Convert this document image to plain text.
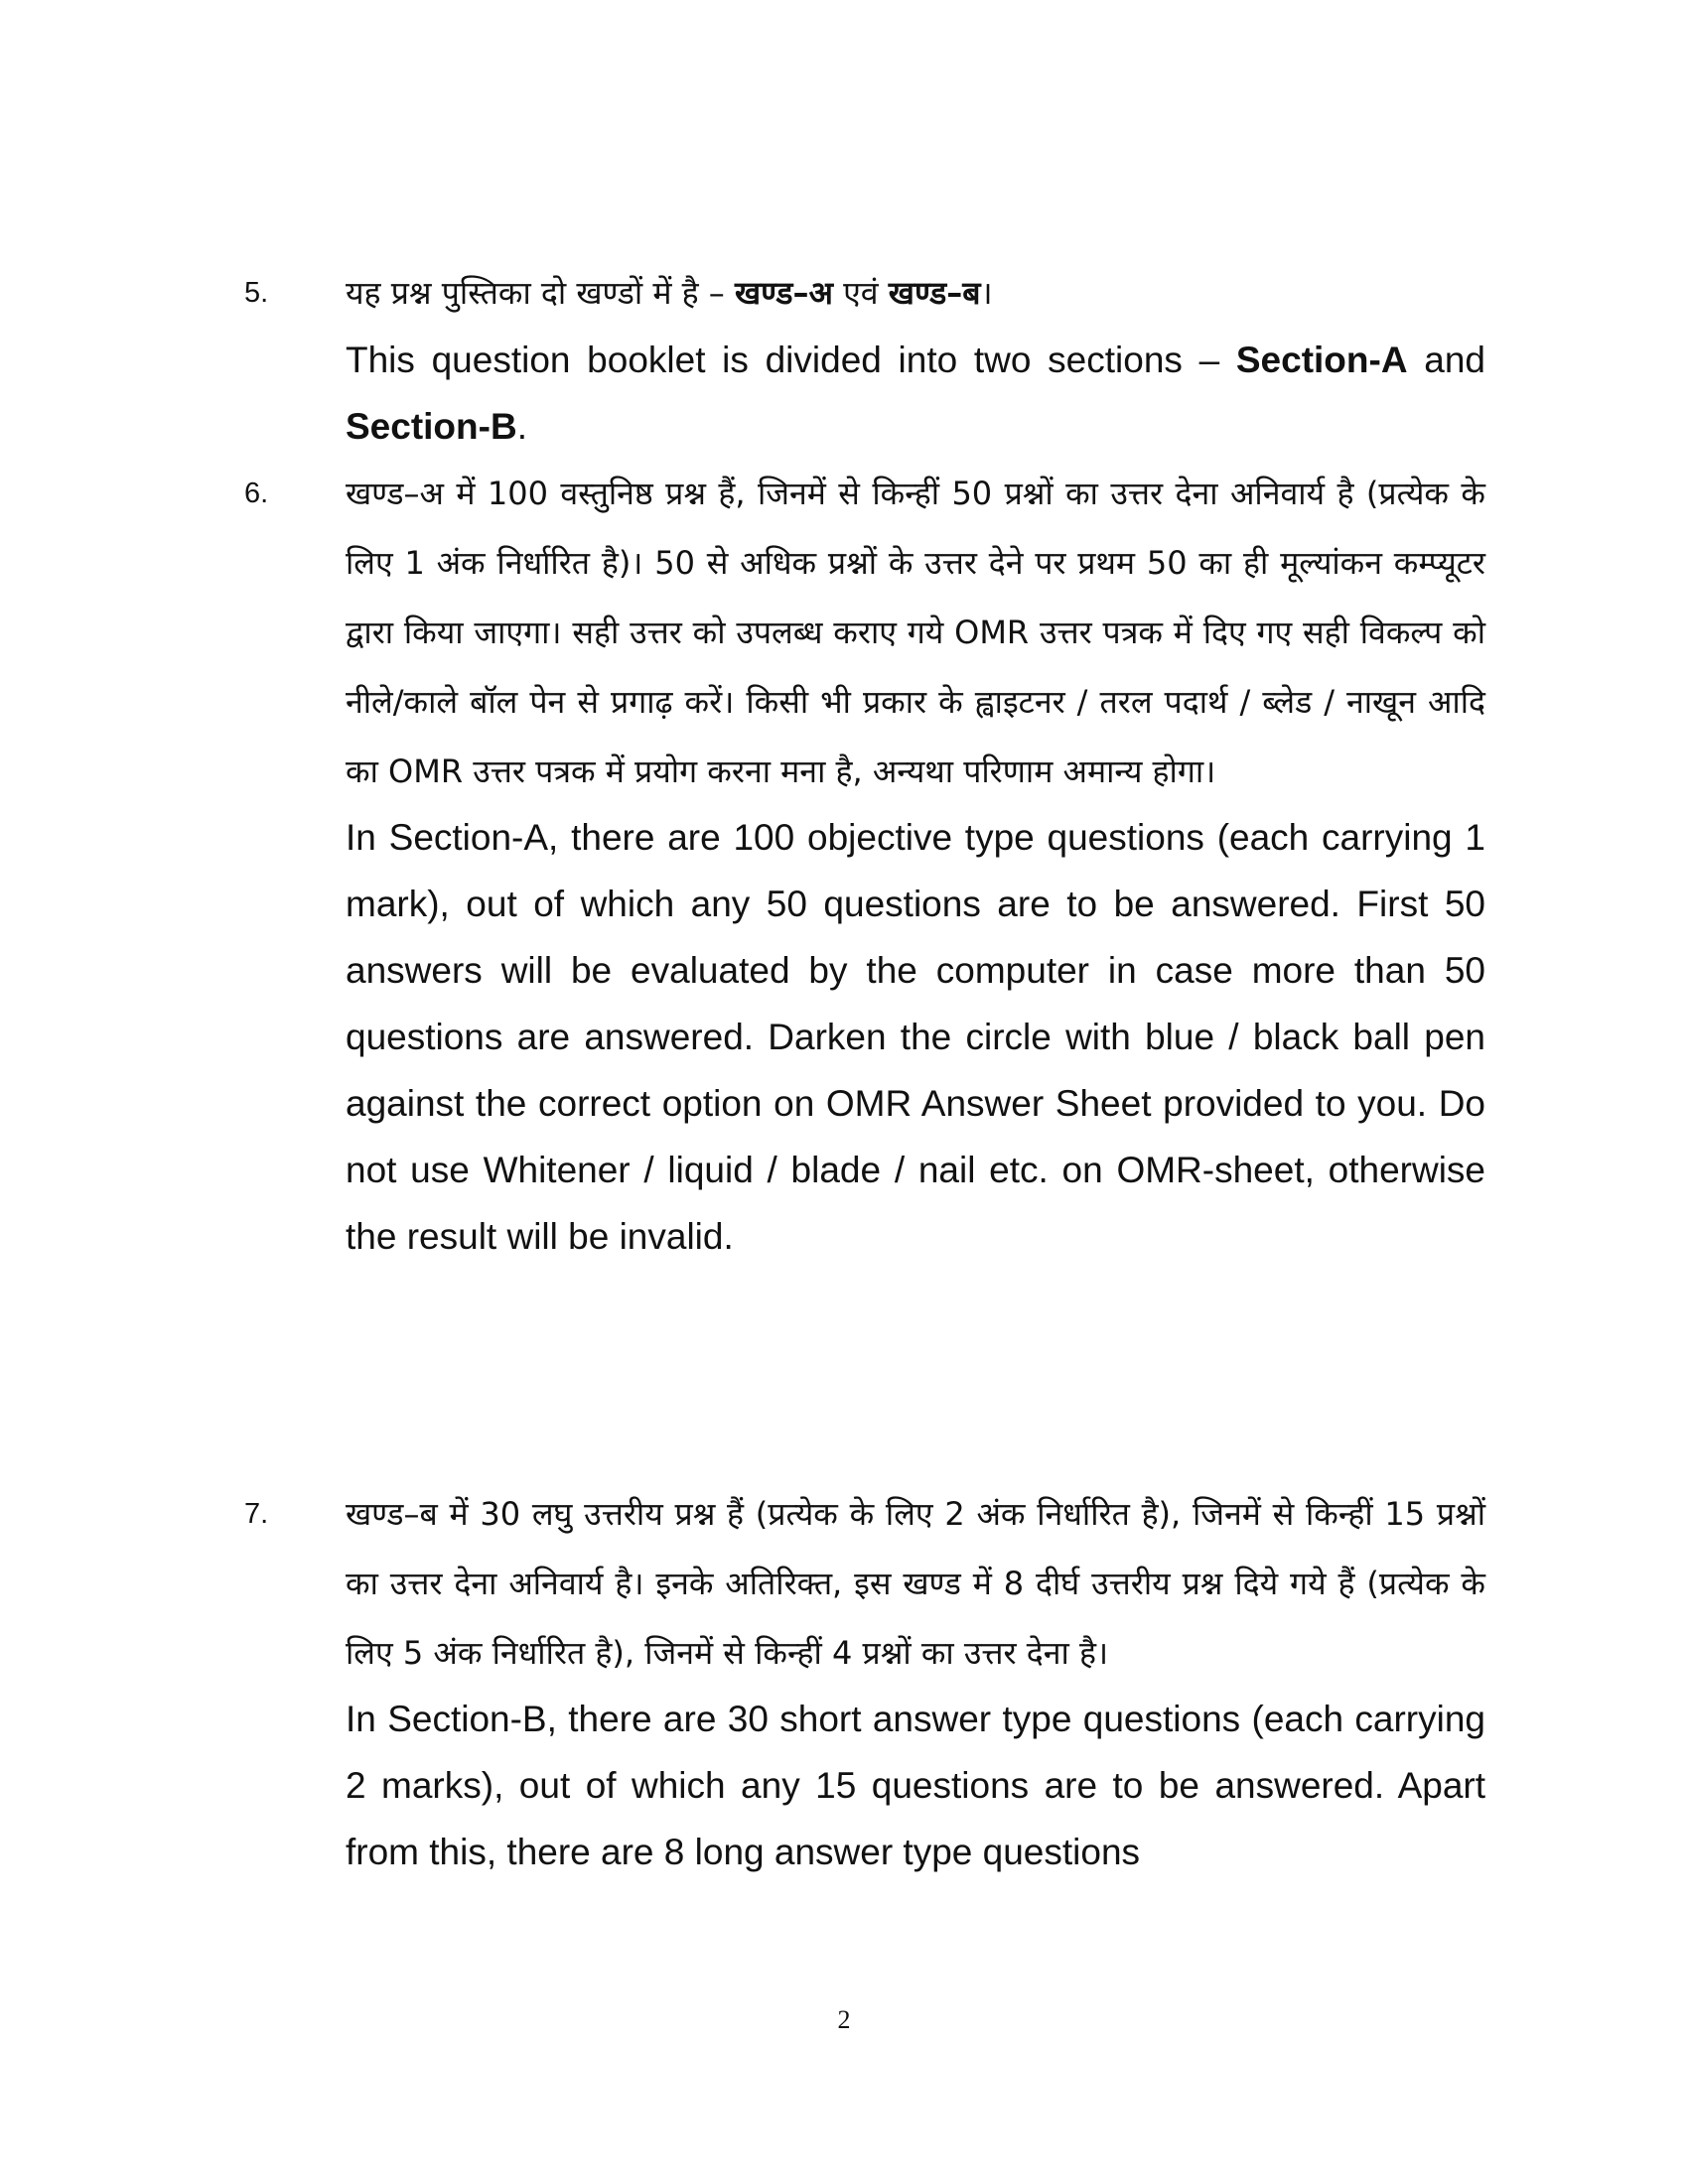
5. यह प्रश्न पुस्तिका दो खण्डों में है – खण्ड–अ एवं खण्ड–ब।

This question booklet is divided into two sections – Section-A and Section-B.

6. खण्ड–अ में 100 वस्तुनिष्ठ प्रश्न हैं, जिनमें से किन्हीं 50 प्रश्नों का उत्तर देना अनिवार्य है (प्रत्येक के लिए 1 अंक निर्धारित है)। 50 से अधिक प्रश्नों के उत्तर देने पर प्रथम 50 का ही मूल्यांकन कम्प्यूटर द्वारा किया जाएगा। सही उत्तर को उपलब्ध कराए गये OMR उत्तर पत्रक में दिए गए सही विकल्प को नीले/काले बॉल पेन से प्रगाढ़ करें। किसी भी प्रकार के ह्वाइटनर / तरल पदार्थ / ब्लेड / नाखून आदि का OMR उत्तर पत्रक में प्रयोग करना मना है, अन्यथा परिणाम अमान्य होगा।

In Section-A, there are 100 objective type questions (each carrying 1 mark), out of which any 50 questions are to be answered. First 50 answers will be evaluated by the computer in case more than 50 questions are answered. Darken the circle with blue / black ball pen against the correct option on OMR Answer Sheet provided to you. Do not use Whitener / liquid / blade / nail etc. on OMR-sheet, otherwise the result will be invalid.

7. खण्ड–ब में 30 लघु उत्तरीय प्रश्न हैं (प्रत्येक के लिए 2 अंक निर्धारित है), जिनमें से किन्हीं 15 प्रश्नों का उत्तर देना अनिवार्य है। इनके अतिरिक्त, इस खण्ड में 8 दीर्घ उत्तरीय प्रश्न दिये गये हैं (प्रत्येक के लिए 5 अंक निर्धारित है), जिनमें से किन्हीं 4 प्रश्नों का उत्तर देना है।

In Section-B, there are 30 short answer type questions (each carrying 2 marks), out of which any 15 questions are to be answered. Apart from this, there are 8 long answer type questions

2
